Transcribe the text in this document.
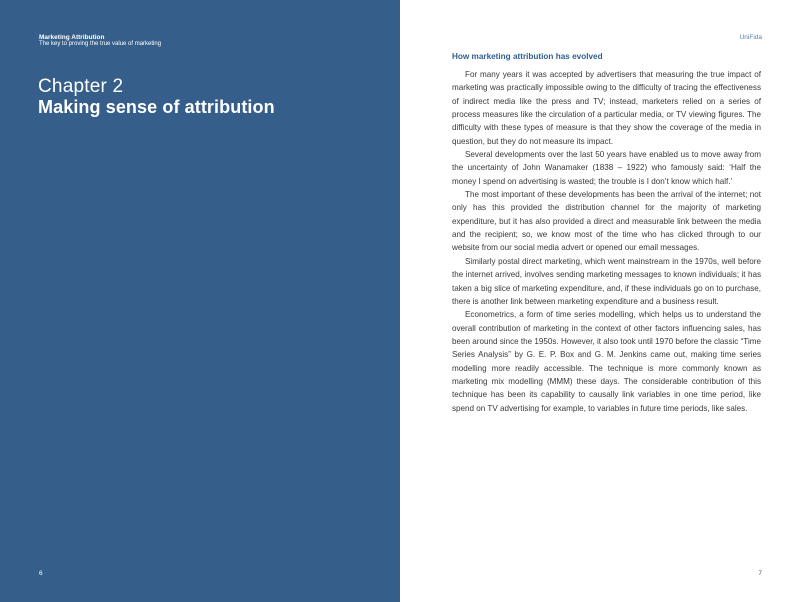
Marketing Attribution
The key to proving the true value of marketing
Chapter 2
Making sense of attribution
6
UniFida
How marketing attribution has evolved

For many years it was accepted by advertisers that measuring the true impact of marketing was practically impossible owing to the difficulty of tracing the effectiveness of indirect media like the press and TV; instead, marketers relied on a series of process measures like the circulation of a particular media, or TV viewing figures. The difficulty with these types of measure is that they show the coverage of the media in question, but they do not measure its impact.

Several developments over the last 50 years have enabled us to move away from the uncertainty of John Wanamaker (1838 – 1922) who famously said: ‘Half the money I spend on advertising is wasted; the trouble is I don’t know which half.’

The most important of these developments has been the arrival of the internet; not only has this provided the distribution channel for the majority of marketing expenditure, but it has also provided a direct and measurable link between the media and the recipient; so, we know most of the time who has clicked through to our website from our social media advert or opened our email messages.

Similarly postal direct marketing, which went mainstream in the 1970s, well before the internet arrived, involves sending marketing messages to known individuals; it has taken a big slice of marketing expenditure, and, if these individuals go on to purchase, there is another link between marketing expenditure and a business result.

Econometrics, a form of time series modelling, which helps us to understand the overall contribution of marketing in the context of other factors influencing sales, has been around since the 1950s. However, it also took until 1970 before the classic “Time Series Analysis” by G. E. P. Box and G. M. Jenkins came out, making time series modelling more readily accessible. The technique is more commonly known as marketing mix modelling (MMM) these days. The considerable contribution of this technique has been its capability to causally link variables in one time period, like spend on TV advertising for example, to variables in future time periods, like sales.

7
